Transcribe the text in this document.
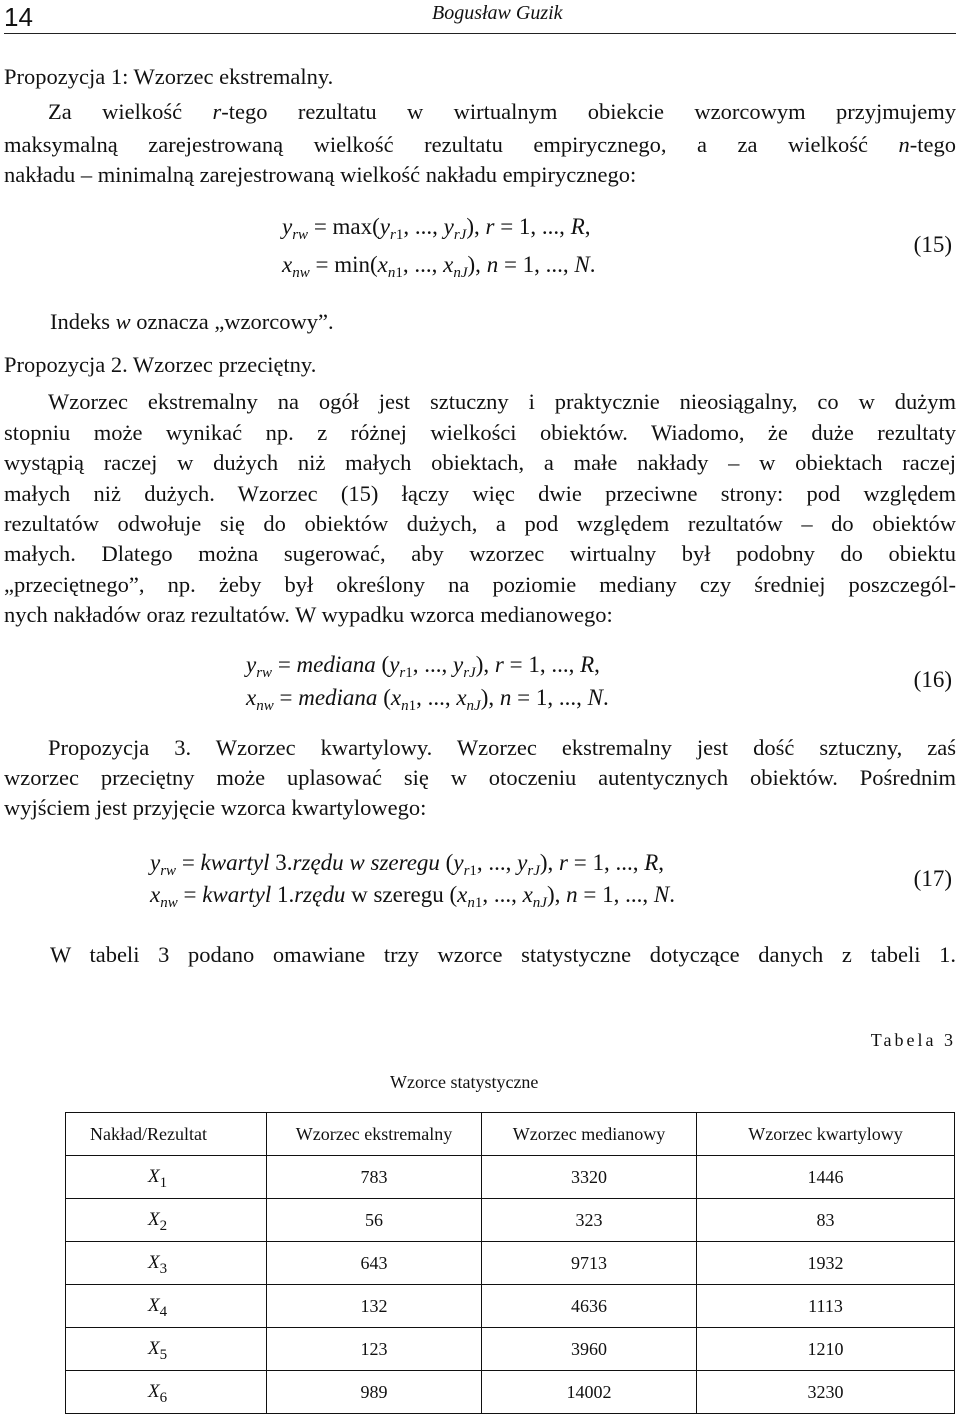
14	Bogusław Guzik
Propozycja 1: Wzorzec ekstremalny.
Za wielkość r-tego rezultatu w wirtualnym obiekcie wzorcowym przyjmujemy
maksymalną zarejestrowaną wielkość rezultatu empirycznego, a za wielkość n-tego
nakładu – minimalną zarejestrowaną wielkość nakładu empirycznego:
$y_{rw} = \max(y_{r1}$, ..., $y_{rJ}$), r = 1, ..., R,
$x_{nw} = \min(x_{n1}$, ..., $x_{nJ}$), n = 1, ..., N.
(15)
Indeks w oznacza „wzorcowy”.
Propozycja 2. Wzorzec przeciętny.
Wzorzec ekstremalny na ogół jest sztuczny i praktycznie nieosiągalny, co w dużym
stopniu może wynikać np. z różnej wielkości obiektów. Wiadomo, że duże rezultaty
wystąpią raczej w dużych niż małych obiektach, a małe nakłady – w obiektach raczej
małych niż dużych. Wzorzec (15) łączy więc dwie przeciwne strony: pod względem
rezultatów odwołuje się do obiektów dużych, a pod względem rezultatów – do obiektów
małych. Dlatego można sugerować, aby wzorzec wirtualny był podobny do obiektu
„przeciętnego”, np. żeby był określony na poziomie mediany czy średniej poszczegól-
nych nakładów oraz rezultatów. W wypadku wzorca medianowego:
$y_{rw}$ = mediana ($y_{r1}$, ..., $y_{rJ}$), r = 1, ..., R,
$x_{nw}$ = mediana ($x_{n1}$, ..., $x_{nJ}$), n = 1, ..., N.
(16)
Propozycja 3. Wzorzec kwartylowy. Wzorzec ekstremalny jest dość sztuczny, zaś
wzorzec przeciętny może uplasować się w otoczeniu autentycznych obiektów. Pośrednim
wyjściem jest przyjęcie wzorca kwartylowego:
$y_{rw}$ = kwartyl 3.rzędu w szeregu ($y_{r1}$, ..., $y_{rJ}$), r = 1, ..., R,
$x_{nw}$ = kwartyl 1.rzędu w szeregu ($x_{n1}$, ..., $x_{nJ}$), n = 1, ..., N.
(17)
W tabeli 3 podano omawiane trzy wzorce statystyczne dotyczące danych z tabeli 1.
Tabela 3
Wzorce statystyczne
Nakład/Rezultat	Wzorzec ekstremalny	Wzorzec medianowy	Wzorzec kwartylowy
$X_1$	783	3320	1446
$X_2$	56	323	83
$X_3$	643	9713	1932
$X_4$	132	4636	1113
$X_5$	123	3960	1210
$X_6$	989	14002	3230
